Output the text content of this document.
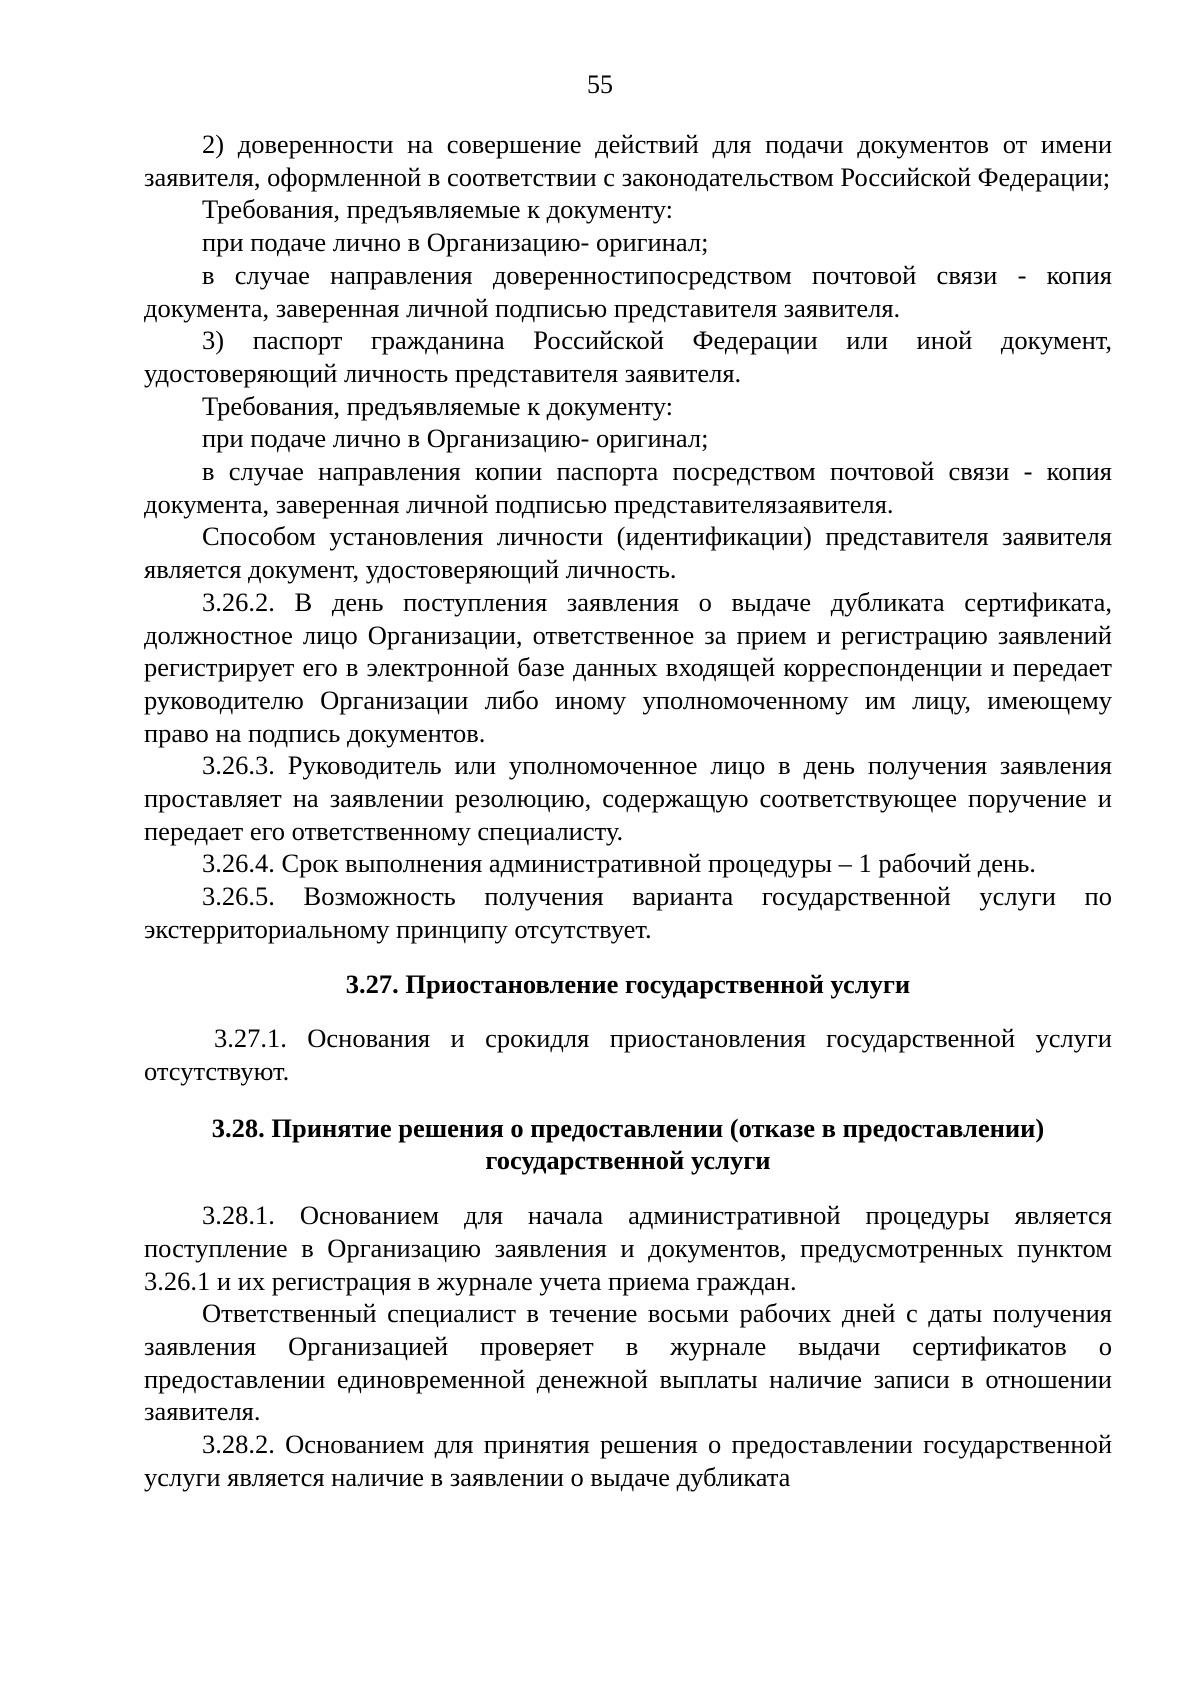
55

2) доверенности на совершение действий для подачи документов от имени заявителя, оформленной в соответствии с законодательством Российской Федерации;

Требования, предъявляемые к документу:

при подаче лично в Организацию- оригинал;

в случае направления доверенностипосредством почтовой связи - копия документа, заверенная личной подписью представителя заявителя.

3) паспорт гражданина Российской Федерации или иной документ, удостоверяющий личность представителя заявителя.

Требования, предъявляемые к документу:

при подаче лично в Организацию- оригинал;

в случае направления копии паспорта посредством почтовой связи - копия документа, заверенная личной подписью представителязаявителя.

Способом установления личности (идентификации) представителя заявителя является документ, удостоверяющий личность.

3.26.2. В день поступления заявления о выдаче дубликата сертификата, должностное лицо Организации, ответственное за прием и регистрацию заявлений регистрирует его в электронной базе данных входящей корреспонденции и передает руководителю Организации либо иному уполномоченному им лицу, имеющему право на подпись документов.

3.26.3. Руководитель или уполномоченное лицо в день получения заявления проставляет на заявлении резолюцию, содержащую соответствующее поручение и передает его ответственному специалисту.

3.26.4. Срок выполнения административной процедуры – 1 рабочий день.

3.26.5. Возможность получения варианта государственной услуги по экстерриториальному принципу отсутствует.

3.27. Приостановление государственной услуги

3.27.1. Основания и срокидля приостановления государственной услуги отсутствуют.

3.28. Принятие решения о предоставлении (отказе в предоставлении)

государственной услуги

3.28.1. Основанием для начала административной процедуры является поступление в Организацию заявления и документов, предусмотренных пунктом 3.26.1 и их регистрация в журнале учета приема граждан.

Ответственный специалист в течение восьми рабочих дней с даты получения заявления Организацией проверяет в журнале выдачи сертификатов о предоставлении единовременной денежной выплаты наличие записи в отношении заявителя.

3.28.2. Основанием для принятия решения о предоставлении государственной услуги является наличие в заявлении о выдаче дубликата
